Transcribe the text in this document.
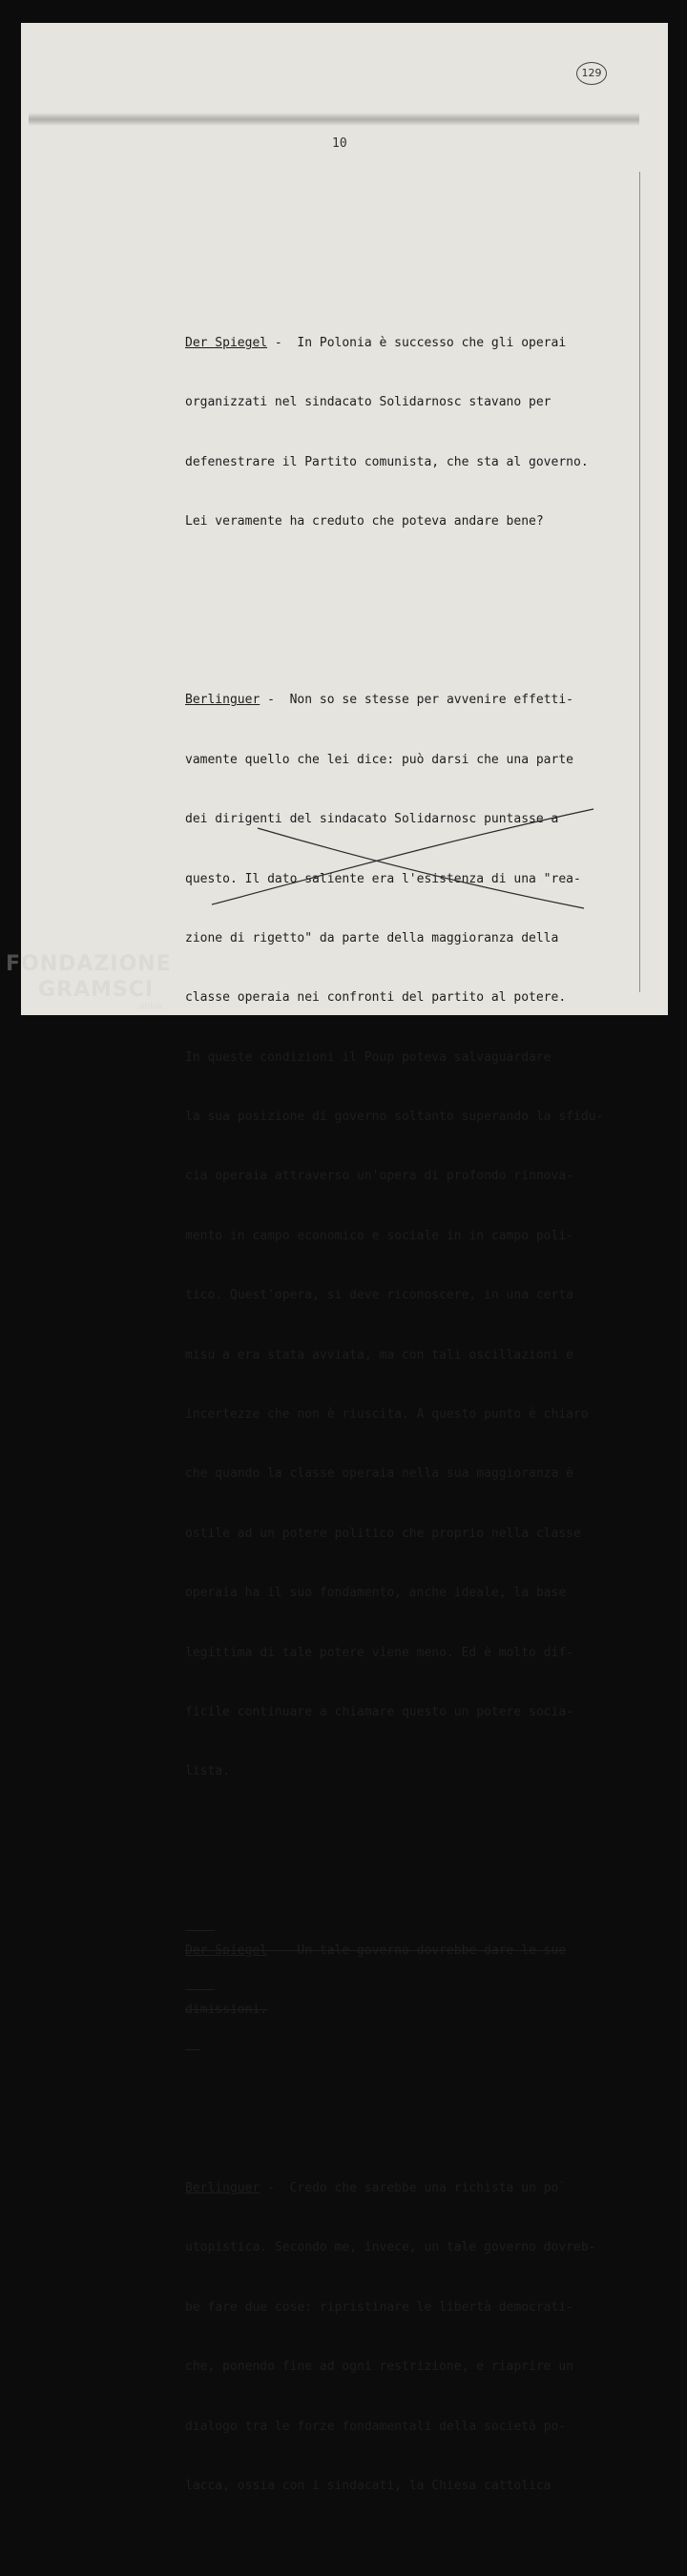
129
10

Der Spiegel -  In Polonia è successo che gli operai

organizzati nel sindacato Solidarnosc stavano per

defenestrare il Partito comunista, che sta al governo.

Lei veramente ha creduto che poteva andare bene?

Berlinguer -  Non so se stesse per avvenire effetti-

vamente quello che lei dice: può darsi che una parte

dei dirigenti del sindacato Solidarnosc puntasse a

questo. Il dato saliente era l'esistenza di una "rea-

zione di rigetto" da parte della maggioranza della

classe operaia nei confronti del partito al potere.

In queste condizioni il Poup poteva salvaguardare

la sua posizione di governo soltanto superando la sfidu-

cia operaia attraverso un'opera di profondo rinnova-

mento in campo economico e sociale in in campo poli-

tico. Quest'opera, si deve riconoscere, in una certa

misu a era stata avviata, ma con tali oscillazioni e

incertezze che non è riuscita. A questo punto è chiaro

che quando la classe operaia nella sua maggioranza è

ostile ad un potere politico che proprio nella classe

operaia ha il suo fondamento, anche ideale, la base

legittima di tale potere viene meno. Ed è molto dif-

ficile continuare a chiamare questo un potere socia-

lista.

Der Spiegel -  Un tale governo dovrebbe dare le sue

dimissioni.

Berlinguer -  Credo che sarebbe una richista un po`

utopistica. Secondo me, invece, un tale governo dovreb-

be fare due cose: ripristinare le libertà democrati-

che, ponendo fine ad ogni restrizione, e riaprire un

dialogo tra le forze fondamentali della società po-

lacca, ossia con i sindacati, la Chiesa cattolica

FONDAZIONE
GRAMSCI
onlus
